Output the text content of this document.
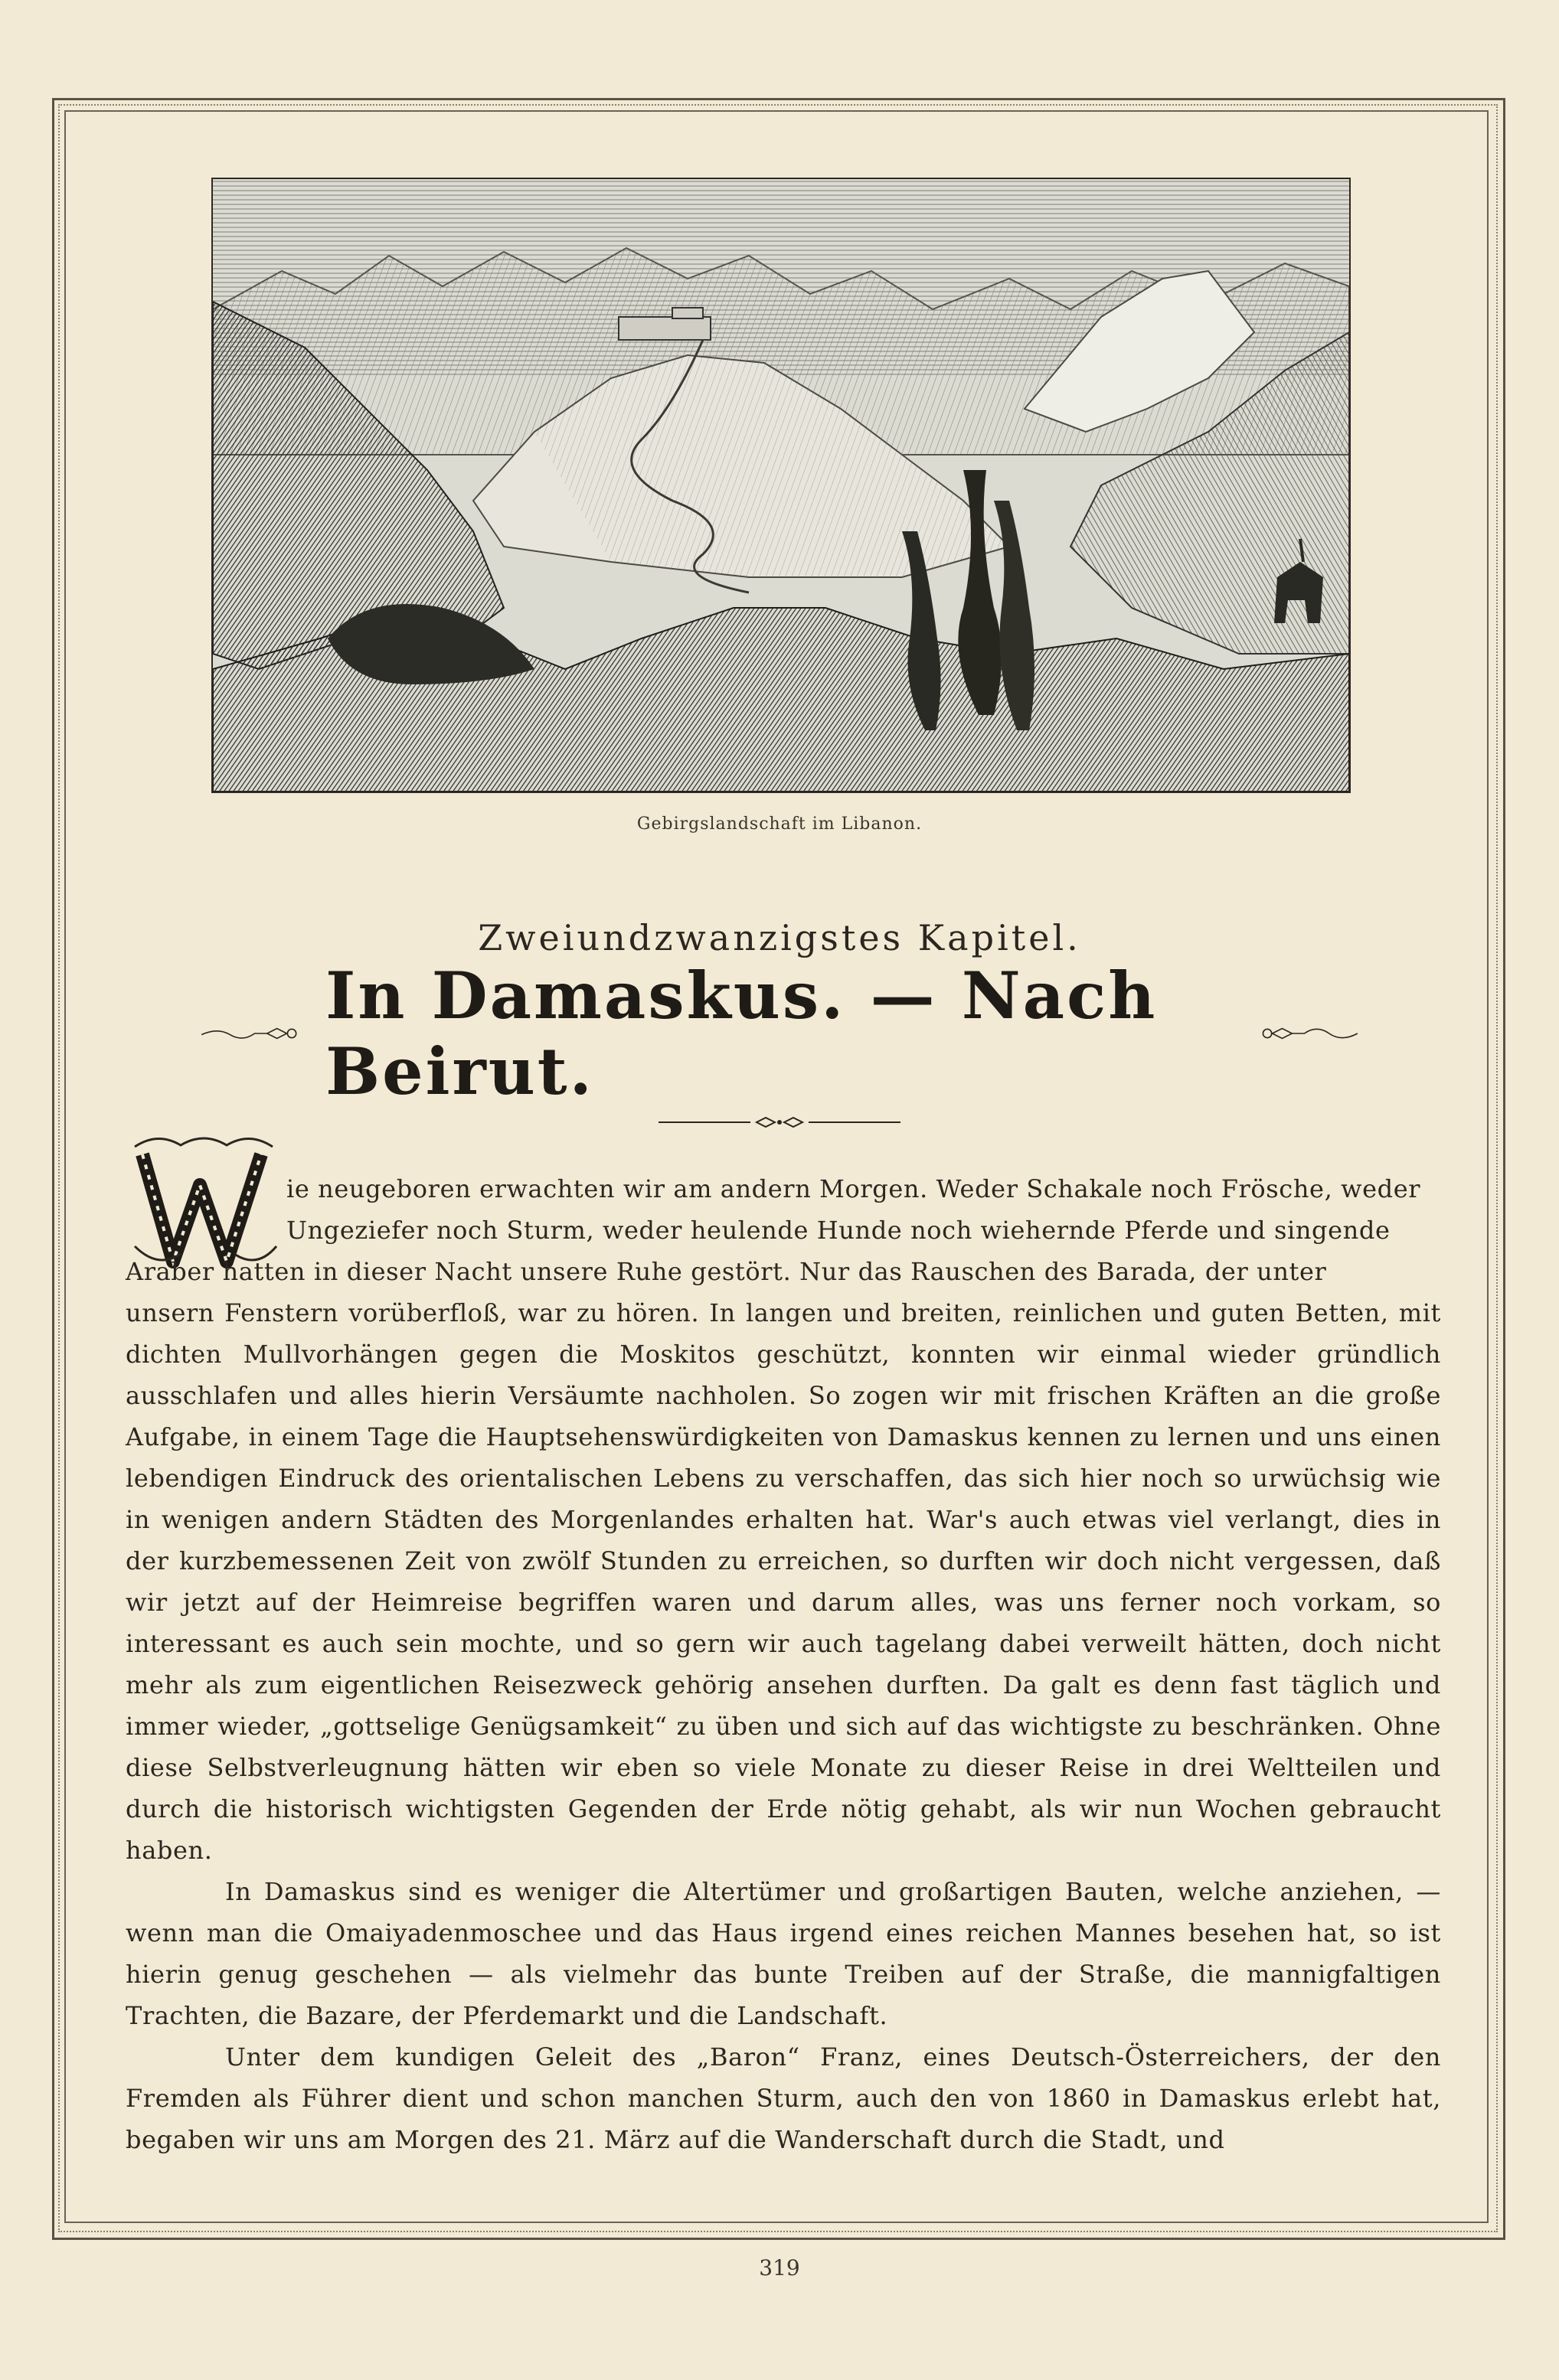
Gebirgslandschaft im Libanon.
Zweiundzwanzigstes Kapitel.
In Damaskus. — Nach Beirut.

ie neugeboren erwachten wir am andern Morgen. Weder Schakale noch Frösche, weder
Ungeziefer noch Sturm, weder heulende Hunde noch wiehernde Pferde und singende
Araber hatten in dieser Nacht unsere Ruhe gestört. Nur das Rauschen des Barada, der unter
unsern Fenstern vorüberfloß, war zu hören. In langen und breiten, reinlichen und guten Betten, mit dichten Mullvorhängen gegen die Moskitos geschützt, konnten wir einmal wieder gründlich ausschlafen und alles hierin Versäumte nachholen. So zogen wir mit frischen Kräften an die große Aufgabe, in einem Tage die Hauptsehenswürdigkeiten von Damaskus kennen zu lernen und uns einen lebendigen Eindruck des orientalischen Lebens zu verschaffen, das sich hier noch so urwüchsig wie in wenigen andern Städten des Morgenlandes erhalten hat. War's auch etwas viel verlangt, dies in der kurzbemessenen Zeit von zwölf Stunden zu erreichen, so durften wir doch nicht vergessen, daß wir jetzt auf der Heimreise begriffen waren und darum alles, was uns ferner noch vorkam, so interessant es auch sein mochte, und so gern wir auch tagelang dabei verweilt hätten, doch nicht mehr als zum eigentlichen Reisezweck gehörig ansehen durften. Da galt es denn fast täglich und immer wieder, „gottselige Genügsamkeit“ zu üben und sich auf das wichtigste zu beschränken. Ohne diese Selbstverleugnung hätten wir eben so viele Monate zu dieser Reise in drei Weltteilen und durch die historisch wichtigsten Gegenden der Erde nötig gehabt, als wir nun Wochen gebraucht haben.

In Damaskus sind es weniger die Altertümer und großartigen Bauten, welche anziehen, — wenn man die Omaiyadenmoschee und das Haus irgend eines reichen Mannes besehen hat, so ist hierin genug geschehen — als vielmehr das bunte Treiben auf der Straße, die mannigfaltigen Trachten, die Bazare, der Pferdemarkt und die Landschaft.

Unter dem kundigen Geleit des „Baron“ Franz, eines Deutsch-Österreichers, der den Fremden als Führer dient und schon manchen Sturm, auch den von 1860 in Damaskus erlebt hat, begaben wir uns am Morgen des 21. März auf die Wanderschaft durch die Stadt, und

319
